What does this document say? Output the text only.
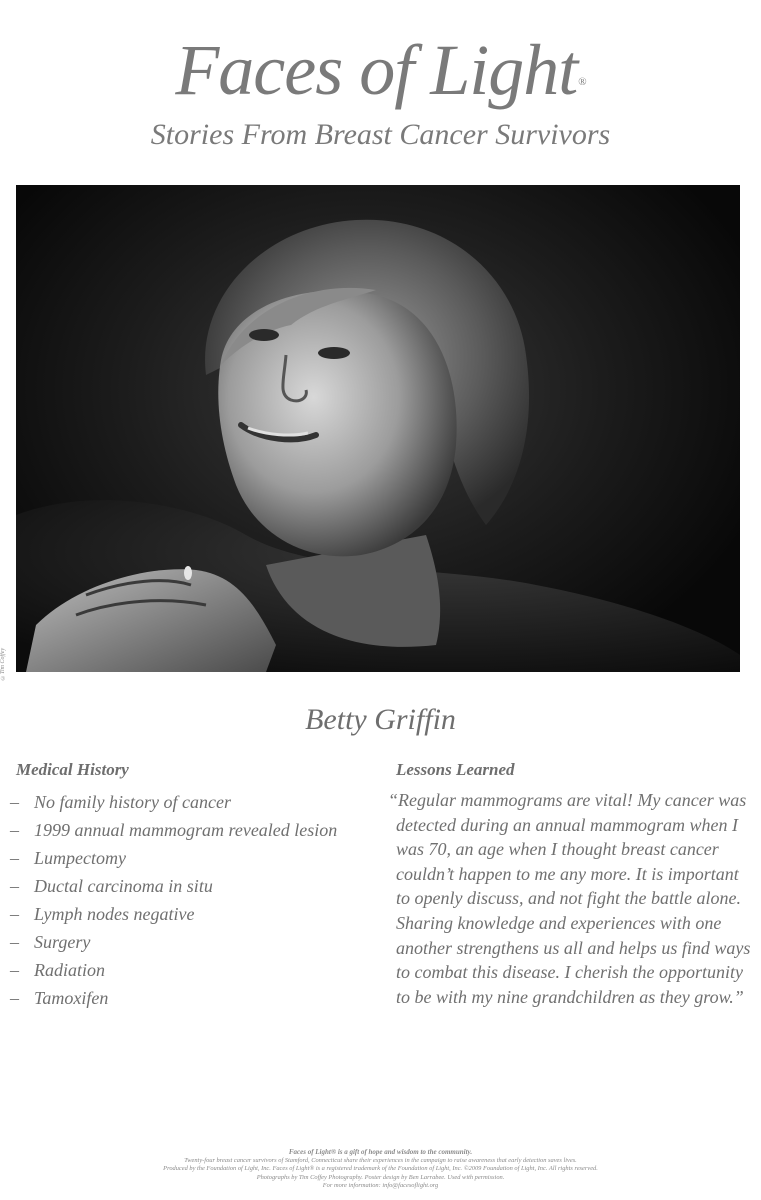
Faces of Light®
Stories From Breast Cancer Survivors
©Tim Coffey
Betty Griffin
Medical History
– No family history of cancer
– 1999 annual mammogram revealed lesion
– Lumpectomy
– Ductal carcinoma in situ
– Lymph nodes negative
– Surgery
– Radiation
– Tamoxifen
Lessons Learned
“Regular mammograms are vital! My cancer was detected during an annual mammogram when I was 70, an age when I thought breast cancer couldn’t happen to me any more. It is important to openly discuss, and not fight the battle alone. Sharing knowledge and experiences with one another strengthens us all and helps us find ways to combat this disease. I cherish the opportunity to be with my nine grandchildren as they grow.”
Faces of Light® is a gift of hope and wisdom to the community.
Twenty-four breast cancer survivors of Stamford, Connecticut share their experiences in the campaign to raise awareness that early detection saves lives.
Produced by the Foundation of Light, Inc. Faces of Light® is a registered trademark of the Foundation of Light, Inc. ©2009 Foundation of Light, Inc. All rights reserved.
Photographs by Tim Coffey Photography. Poster design by Ben Larrabee. Used with permission.
For more information: info@facesoflight.org
